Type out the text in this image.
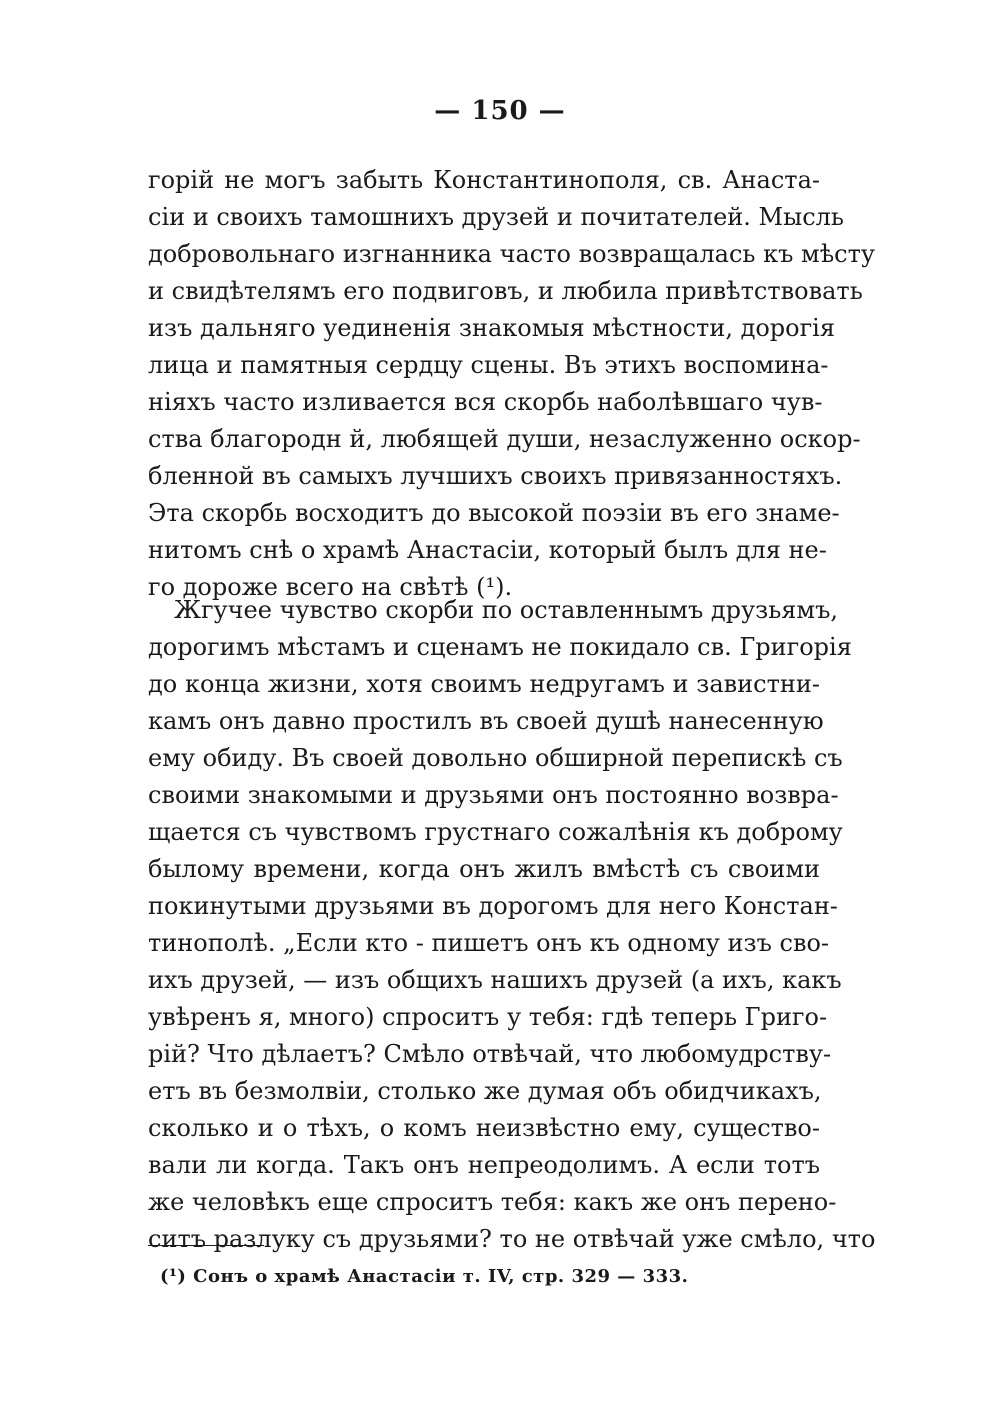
— 150 —
горій не могъ забыть Константинополя, св. Анаста-
сіи и своихъ тамошнихъ друзей и почитателей. Мысль
добровольнаго изгнанника часто возвращалась къ мѣсту
и свидѣтелямъ его подвиговъ, и любила привѣтствовать
изъ дальняго уединенія знакомыя мѣстности, дорогія
лица и памятныя сердцу сцены. Въ этихъ воспомина-
ніяхъ часто изливается вся скорбь наболѣвшаго чув-
ства благородн й, любящей души, незаслуженно оскор-
бленной въ самыхъ лучшихъ своихъ привязанностяхъ.
Эта скорбь восходитъ до высокой поэзіи въ его знаме-
нитомъ снѣ о храмѣ Анастасіи, который былъ для не-
го дороже всего на свѣтѣ (¹).
Жгучее чувство скорби по оставленнымъ друзьямъ,
дорогимъ мѣстамъ и сценамъ не покидало св. Григорія
до конца жизни, хотя своимъ недругамъ и завистни-
камъ онъ давно простилъ въ своей душѣ нанесенную
ему обиду. Въ своей довольно обширной перепискѣ съ
своими знакомыми и друзьями онъ постоянно возвра-
щается съ чувствомъ грустнаго сожалѣнія къ доброму
былому времени, когда онъ жилъ вмѣстѣ съ своими
покинутыми друзьями въ дорогомъ для него Констан-
тинополѣ. „Если кто - пишетъ онъ къ одному изъ сво-
ихъ друзей, — изъ общихъ нашихъ друзей (а ихъ, какъ
увѣренъ я, много) спроситъ у тебя: гдѣ теперь Григо-
рій? Что дѣлаетъ? Смѣло отвѣчай, что любомудрству-
етъ въ безмолвіи, столько же думая объ обидчикахъ,
сколько и о тѣхъ, о комъ неизвѣстно ему, существо-
вали ли когда. Такъ онъ непреодолимъ. А если тотъ
же человѣкъ еще спроситъ тебя: какъ же онъ перено-
ситъ разлуку съ друзьями? то не отвѣчай уже смѣло, что
(¹) Сонъ о храмѣ Анастасіи т. IV, стр. 329 — 333.
